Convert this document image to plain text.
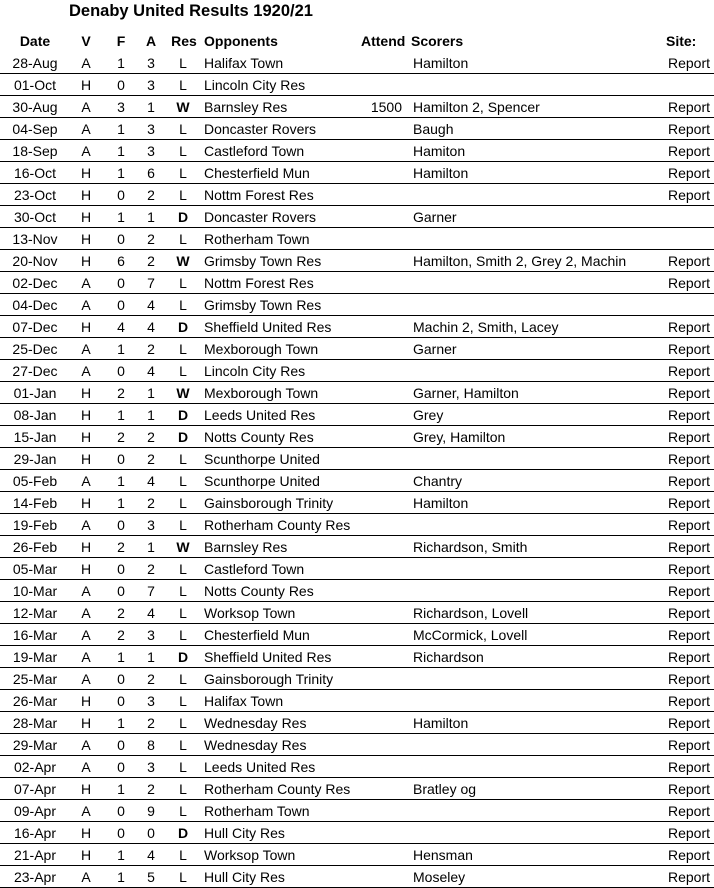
Denaby United Results 1920/21
Date	V	F	A	Res Opponents	Attend Scorers	Site:
28-Aug	A	1	3	L	Halifax Town	Hamilton	Report
01-Oct	H	0	3	L	Lincoln City Res
30-Aug	A	3	1	W	Barnsley Res	1500 Hamilton 2, Spencer	Report
04-Sep	A	1	3	L	Doncaster Rovers	Baugh	Report
18-Sep	A	1	3	L	Castleford Town	Hamiton	Report
16-Oct	H	1	6	L	Chesterfield Mun	Hamilton	Report
23-Oct	H	0	2	L	Nottm Forest Res	Report
30-Oct	H	1	1	D	Doncaster Rovers	Garner
13-Nov	H	0	2	L	Rotherham Town
20-Nov	H	6	2	W	Grimsby Town Res	Hamilton, Smith 2, Grey 2, Machin	Report
02-Dec	A	0	7	L	Nottm Forest Res	Report
04-Dec	A	0	4	L	Grimsby Town Res
07-Dec	H	4	4	D	Sheffield United Res	Machin 2, Smith, Lacey	Report
25-Dec	A	1	2	L	Mexborough Town	Garner	Report
27-Dec	A	0	4	L	Lincoln City Res	Report
01-Jan	H	2	1	W	Mexborough Town	Garner, Hamilton	Report
08-Jan	H	1	1	D	Leeds United Res	Grey	Report
15-Jan	H	2	2	D	Notts County Res	Grey, Hamilton	Report
29-Jan	H	0	2	L	Scunthorpe United	Report
05-Feb	A	1	4	L	Scunthorpe United	Chantry	Report
14-Feb	H	1	2	L	Gainsborough Trinity	Hamilton	Report
19-Feb	A	0	3	L	Rotherham County Res	Report
26-Feb	H	2	1	W	Barnsley Res	Richardson, Smith	Report
05-Mar	H	0	2	L	Castleford Town	Report
10-Mar	A	0	7	L	Notts County Res	Report
12-Mar	A	2	4	L	Worksop Town	Richardson, Lovell	Report
16-Mar	A	2	3	L	Chesterfield Mun	McCormick, Lovell	Report
19-Mar	A	1	1	D	Sheffield United Res	Richardson	Report
25-Mar	A	0	2	L	Gainsborough Trinity	Report
26-Mar	H	0	3	L	Halifax Town	Report
28-Mar	H	1	2	L	Wednesday Res	Hamilton	Report
29-Mar	A	0	8	L	Wednesday Res	Report
02-Apr	A	0	3	L	Leeds United Res	Report
07-Apr	H	1	2	L	Rotherham County Res	Bratley og	Report
09-Apr	A	0	9	L	Rotherham Town	Report
16-Apr	H	0	0	D	Hull City Res	Report
21-Apr	H	1	4	L	Worksop Town	Hensman	Report
23-Apr	A	1	5	L	Hull City Res	Moseley	Report
